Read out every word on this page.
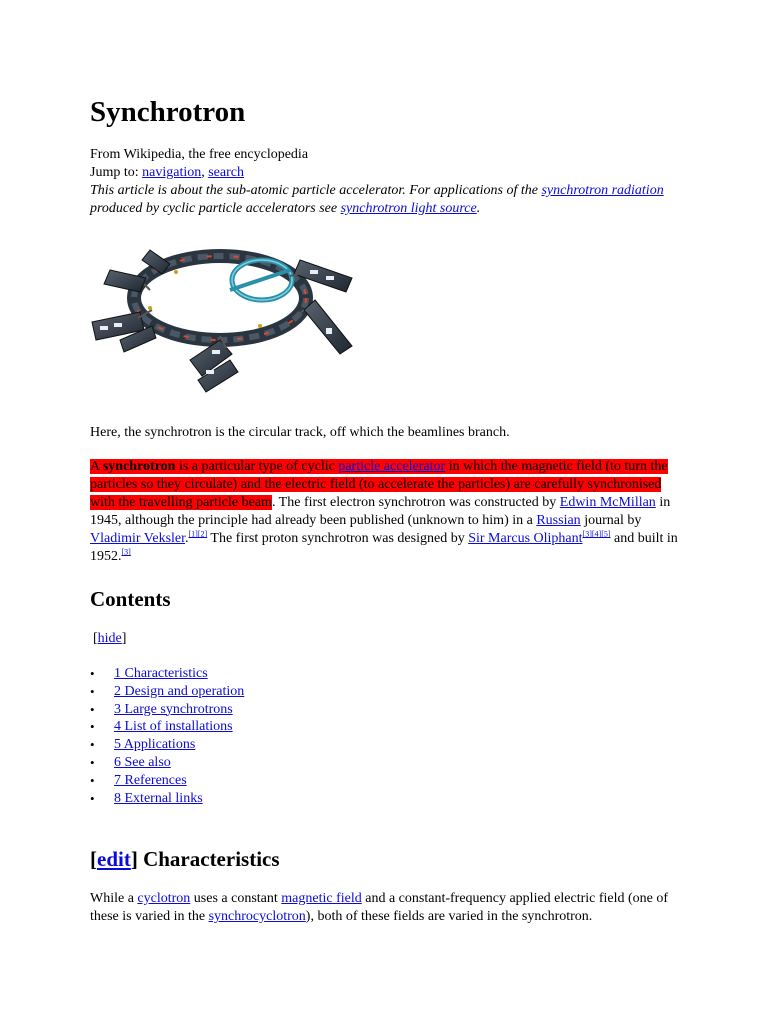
Synchrotron

From Wikipedia, the free encyclopedia

Jump to: navigation, search

This article is about the sub-atomic particle accelerator. For applications of the synchrotron radiation produced by cyclic particle accelerators see synchrotron light source.

Here, the synchrotron is the circular track, off which the beamlines branch.

A synchrotron is a particular type of cyclic particle accelerator in which the magnetic field (to turn the particles so they circulate) and the electric field (to accelerate the particles) are carefully synchronised with the travelling particle beam. The first electron synchrotron was constructed by Edwin McMillan in 1945, although the principle had already been published (unknown to him) in a Russian journal by Vladimir Veksler.[1][2] The first proton synchrotron was designed by Sir Marcus Oliphant[3][4][5] and built in 1952.[3]

Contents
[hide]
• 1 Characteristics
• 2 Design and operation
• 3 Large synchrotrons
• 4 List of installations
• 5 Applications
• 6 See also
• 7 References
• 8 External links
[edit] Characteristics

While a cyclotron uses a constant magnetic field and a constant-frequency applied electric field (one of these is varied in the synchrocyclotron), both of these fields are varied in the synchrotron.
